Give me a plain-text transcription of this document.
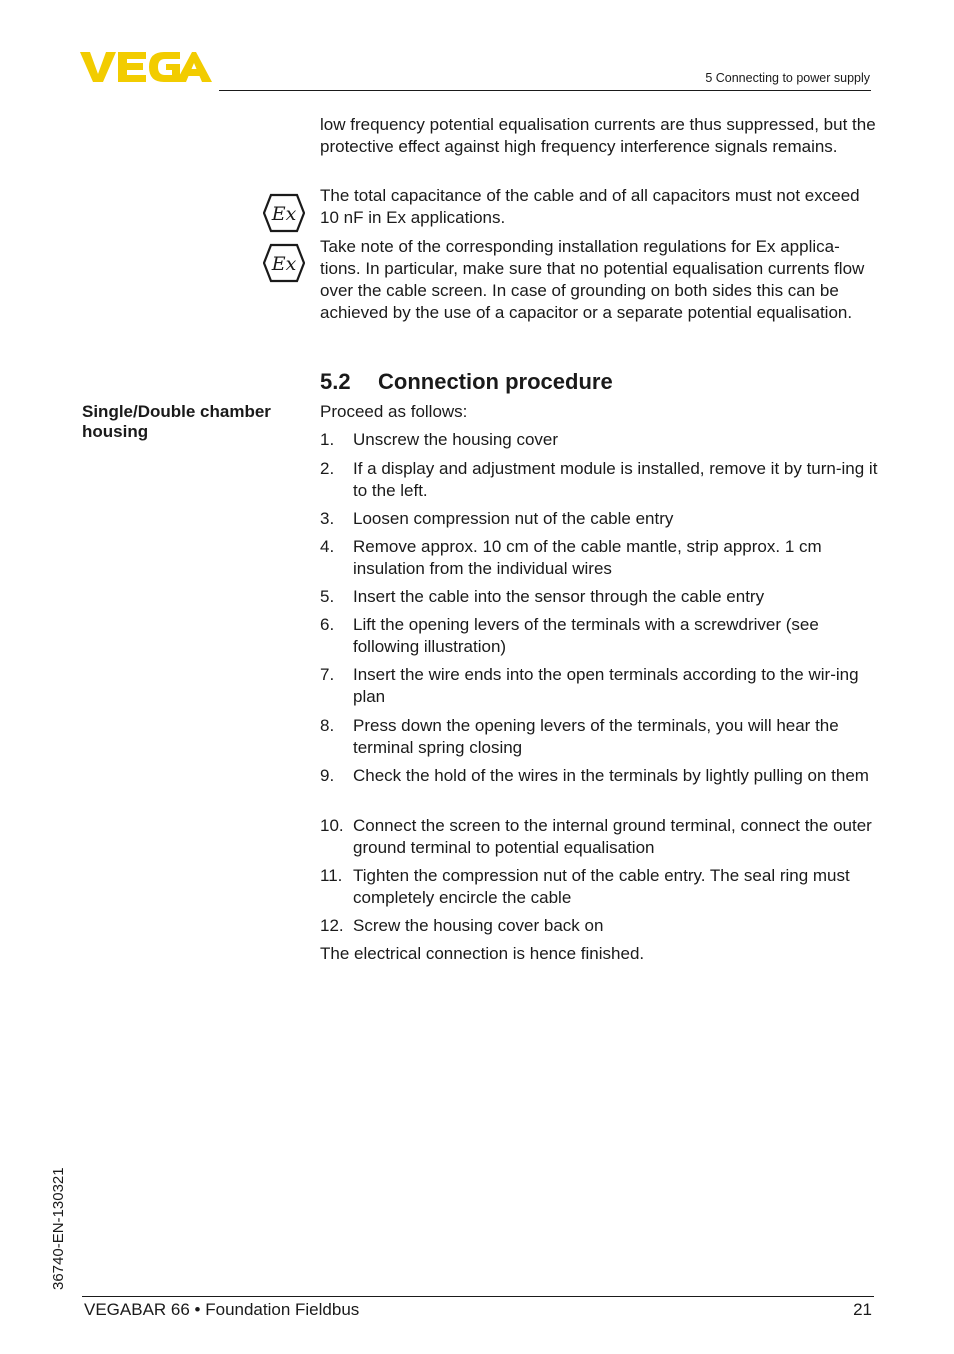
5 Connecting to power supply
low frequency potential equalisation currents are thus suppressed, but the protective effect against high frequency interference signals remains.
Ex
The total capacitance of the cable and of all capacitors must not exceed 10 nF in Ex applications.
Ex
Take note of the corresponding installation regulations for Ex applica-tions. In particular, make sure that no potential equalisation currents flow over the cable screen. In case of grounding on both sides this can be achieved by the use of a capacitor or a separate potential equalisation.
5.2 Connection procedure
Single/Double chamber housing
Proceed as follows:
1. Unscrew the housing cover
2. If a display and adjustment module is installed, remove it by turn-ing it to the left.
3. Loosen compression nut of the cable entry
4. Remove approx. 10 cm of the cable mantle, strip approx. 1 cm insulation from the individual wires
5. Insert the cable into the sensor through the cable entry
6. Lift the opening levers of the terminals with a screwdriver (see following illustration)
7. Insert the wire ends into the open terminals according to the wir-ing plan
8. Press down the opening levers of the terminals, you will hear the terminal spring closing
9. Check the hold of the wires in the terminals by lightly pulling on them
10. Connect the screen to the internal ground terminal, connect the outer ground terminal to potential equalisation
11. Tighten the compression nut of the cable entry. The seal ring must completely encircle the cable
12. Screw the housing cover back on
The electrical connection is hence finished.
36740-EN-130321
VEGABAR 66 • Foundation Fieldbus	21
